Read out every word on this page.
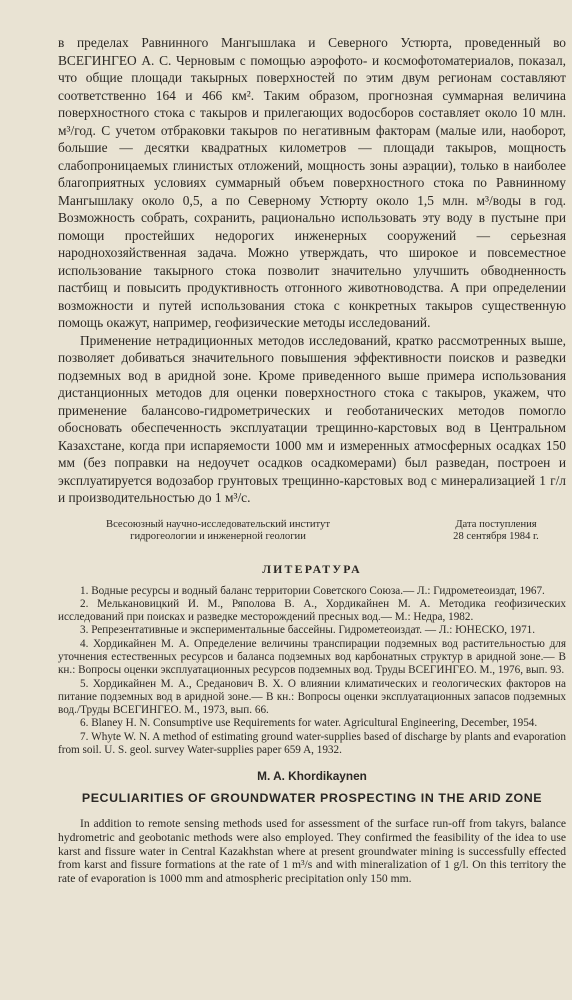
в пределах Равнинного Мангышлака и Северного Устюрта, проведенный во ВСЕГИНГЕО А. С. Черновым с помощью аэрофото- и космофотоматериалов, показал, что общие площади такырных поверхностей по этим двум регионам составляют соответственно 164 и 466 км². Таким образом, прогнозная суммарная величина поверхностного стока с такыров и прилегающих водосборов составляет около 10 млн. м³/год. С учетом отбраковки такыров по негативным факторам (малые или, наоборот, большие — десятки квадратных километров — площади такыров, мощность слабопроницаемых глинистых отложений, мощность зоны аэрации), только в наиболее благоприятных условиях суммарный объем поверхностного стока по Равнинному Мангышлаку около 0,5, а по Северному Устюрту около 1,5 млн. м³/воды в год. Возможность собрать, сохранить, рационально использовать эту воду в пустыне при помощи простейших недорогих инженерных сооружений — серьезная народнохозяйственная задача. Можно утверждать, что широкое и повсеместное использование такырного стока позволит значительно улучшить обводненность пастбищ и повысить продуктивность отгонного животноводства. А при определении возможности и путей использования стока с конкретных такыров существенную помощь окажут, например, геофизические методы исследований.

Применение нетрадиционных методов исследований, кратко рассмотренных выше, позволяет добиваться значительного повышения эффективности поисков и разведки подземных вод в аридной зоне. Кроме приведенного выше примера использования дистанционных методов для оценки поверхностного стока с такыров, укажем, что применение балансово-гидрометрических и геоботанических методов помогло обосновать обеспеченность эксплуатации трещинно-карстовых вод в Центральном Казахстане, когда при испаряемости 1000 мм и измеренных атмосферных осадках 150 мм (без поправки на недоучет осадков осадкомерами) был разведан, построен и эксплуатируется водозабор грунтовых трещинно-карстовых вод с минерализацией 1 г/л и производительностью до 1 м³/с.

Всесоюзный научно-исследовательский институт
гидрогеологии и инженерной геологии
Дата поступления
28 сентября 1984 г.
ЛИТЕРАТУРА

1. Водные ресурсы и водный баланс территории Советского Союза.— Л.: Гидрометеоиздат, 1967.

2. Мелькановицкий И. М., Ряполова В. А., Хордикайнен М. А. Методика геофизических исследований при поисках и разведке месторождений пресных вод.— М.: Недра, 1982.

3. Репрезентативные и экспериментальные бассейны. Гидрометеоиздат. — Л.: ЮНЕСКО, 1971.

4. Хордикайнен М. А. Определение величины транспирации подземных вод растительностью для уточнения естественных ресурсов и баланса подземных вод карбонатных структур в аридной зоне.— В кн.: Вопросы оценки эксплуатационных ресурсов подземных вод. Труды ВСЕГИНГЕО. М., 1976, вып. 93.

5. Хордикайнен М. А., Средaнович В. Х. О влиянии климатических и геологических факторов на питание подземных вод в аридной зоне.— В кн.: Вопросы оценки эксплуатационных запасов подземных вод./Труды ВСЕГИНГЕО. М., 1973, вып. 66.

6. Blaney H. N. Consumptive use Requirements for water. Agricultural Engineering, December, 1954.

7. Whyte W. N. A method of estimating ground water-supplies based of discharge by plants and evaporation from soil. U. S. geol. survey Water-supplies paper 659 A, 1932.

M. A. Khordikaynen
PECULIARITIES OF GROUNDWATER PROSPECTING IN THE ARID ZONE

In addition to remote sensing methods used for assessment of the surface run-off from takyrs, balance hydrometric and geobotanic methods were also employed. They confirmed the feasibility of the idea to use karst and fissure water in Central Kazakhstan where at present groundwater mining is successfully effected from karst and fissure formations at the rate of 1 m³/s and with mineralization of 1 g/l. On this territory the rate of evaporation is 1000 mm and atmospheric precipitation only 150 mm.
